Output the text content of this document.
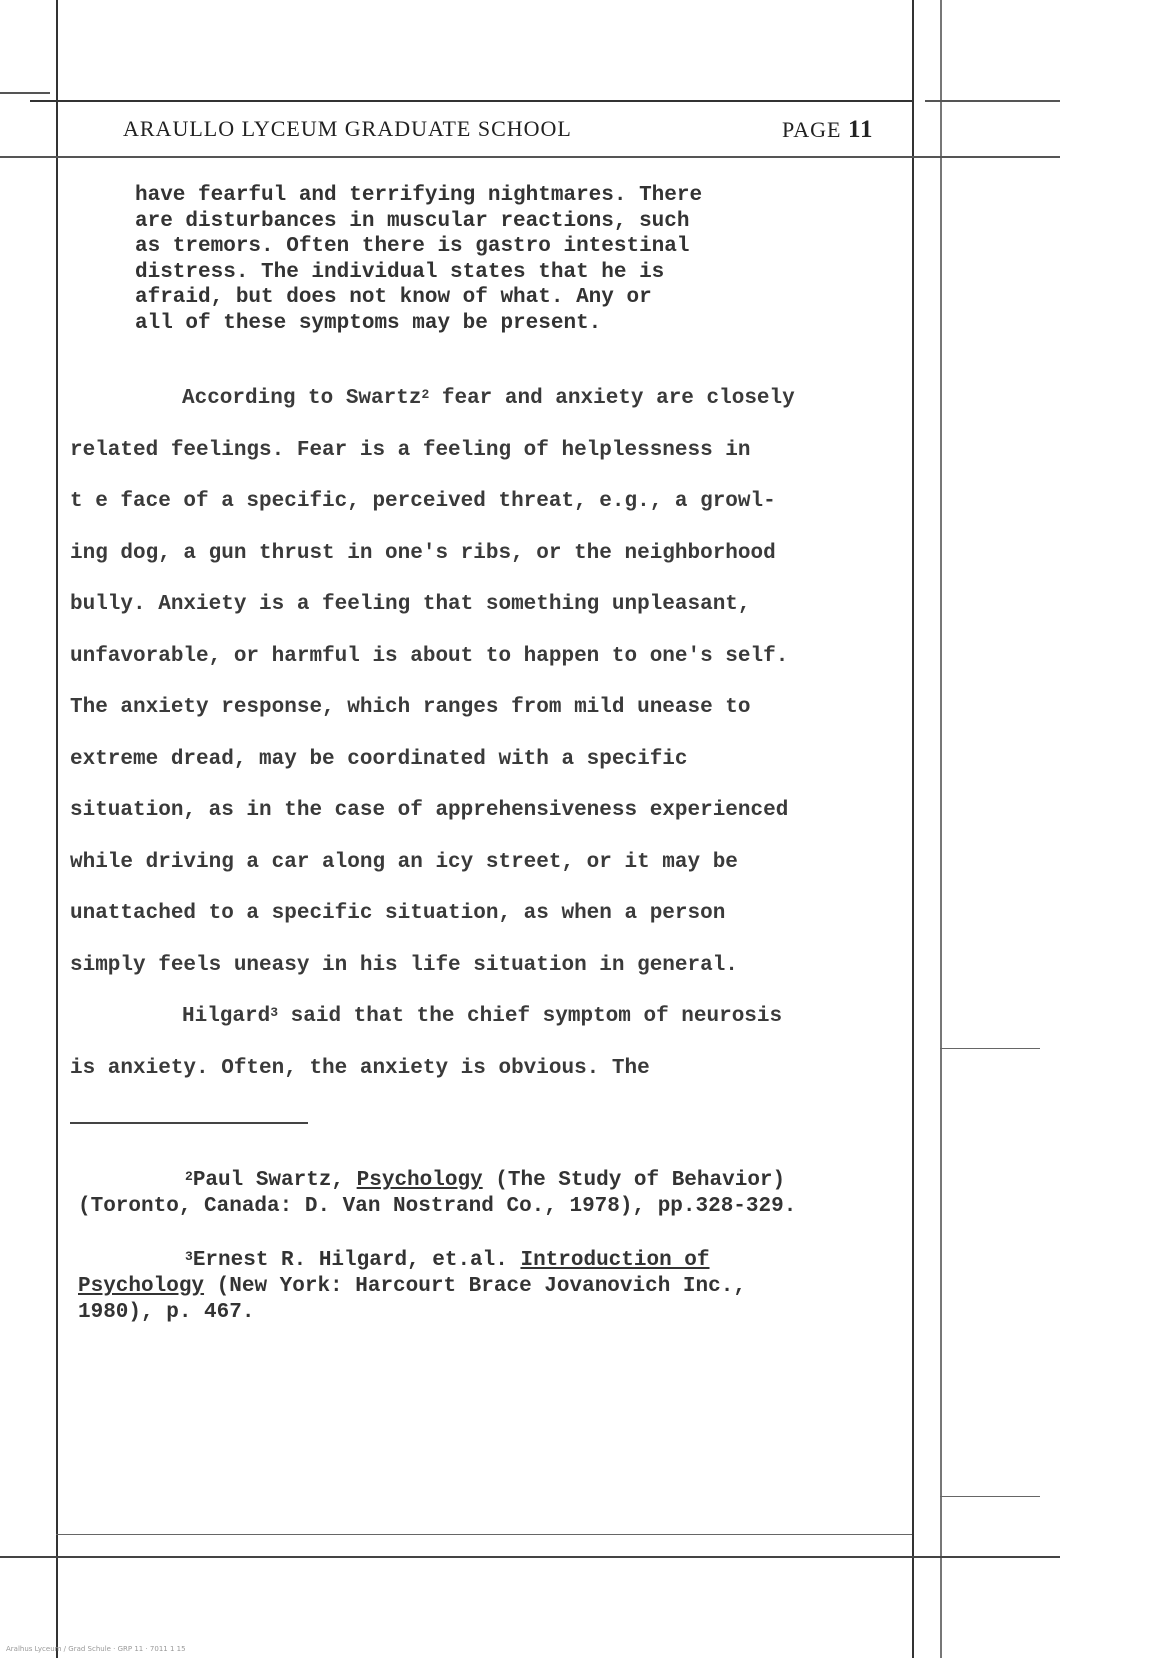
ARAULLO LYCEUM GRADUATE SCHOOL	PAGE 11
have fearful and terrifying nightmares. There
are disturbances in muscular reactions, such
as tremors. Often there is gastro intestinal
distress. The individual states that he is
afraid, but does not know of what. Any or
all of these symptoms may be present.
According to Swartz$^2$ fear and anxiety are closely
related feelings. Fear is a feeling of helplessness in
t e face of a specific, perceived threat, e.g., a growl-
ing dog, a gun thrust in one's ribs, or the neighborhood
bully. Anxiety is a feeling that something unpleasant,
unfavorable, or harmful is about to happen to one's self.
The anxiety response, which ranges from mild unease to
extreme dread, may be coordinated with a specific
situation, as in the case of apprehensiveness experienced
while driving a car along an icy street, or it may be
unattached to a specific situation, as when a person
simply feels uneasy in his life situation in general.
Hilgard$^3$ said that the chief symptom of neurosis
is anxiety. Often, the anxiety is obvious. The
$^2$Paul Swartz, Psychology (The Study of Behavior)
(Toronto, Canada: D. Van Nostrand Co., 1978), pp.328-329.
$^3$Ernest R. Hilgard, et.al. Introduction of
Psychology (New York: Harcourt Brace Jovanovich Inc.,
1980), p. 467.
Aralhus Lyceum / Grad Schule · GRP 11 · 7011 1 15
